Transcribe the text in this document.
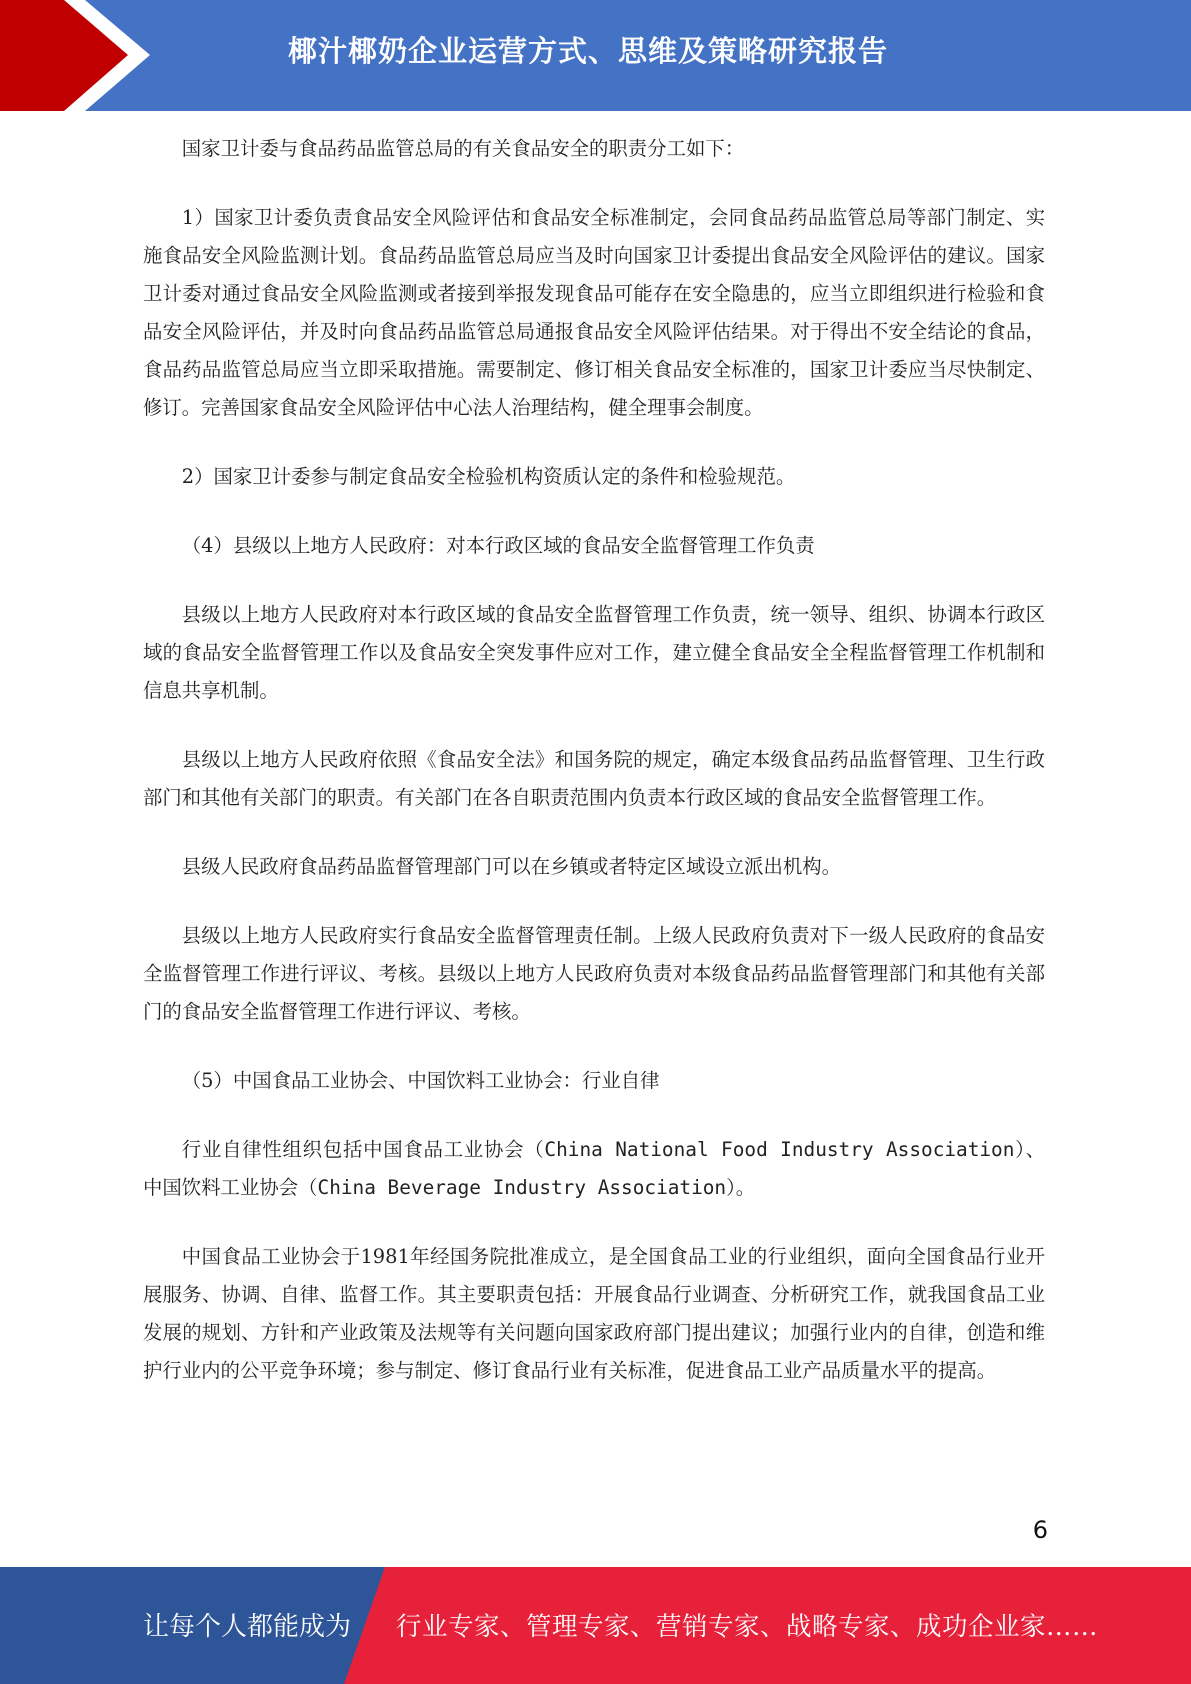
椰汁椰奶企业运营方式、思维及策略研究报告

国家卫计委与食品药品监管总局的有关食品安全的职责分工如下：

1）国家卫计委负责食品安全风险评估和食品安全标准制定，会同食品药品监管总局等部门制定、实施食品安全风险监测计划。食品药品监管总局应当及时向国家卫计委提出食品安全风险评估的建议。国家卫计委对通过食品安全风险监测或者接到举报发现食品可能存在安全隐患的，应当立即组织进行检验和食品安全风险评估，并及时向食品药品监管总局通报食品安全风险评估结果。对于得出不安全结论的食品，食品药品监管总局应当立即采取措施。需要制定、修订相关食品安全标准的，国家卫计委应当尽快制定、修订。完善国家食品安全风险评估中心法人治理结构，健全理事会制度。

2）国家卫计委参与制定食品安全检验机构资质认定的条件和检验规范。

（4）县级以上地方人民政府：对本行政区域的食品安全监督管理工作负责

县级以上地方人民政府对本行政区域的食品安全监督管理工作负责，统一领导、组织、协调本行政区域的食品安全监督管理工作以及食品安全突发事件应对工作，建立健全食品安全全程监督管理工作机制和信息共享机制。

县级以上地方人民政府依照《食品安全法》和国务院的规定，确定本级食品药品监督管理、卫生行政部门和其他有关部门的职责。有关部门在各自职责范围内负责本行政区域的食品安全监督管理工作。

县级人民政府食品药品监督管理部门可以在乡镇或者特定区域设立派出机构。

县级以上地方人民政府实行食品安全监督管理责任制。上级人民政府负责对下一级人民政府的食品安全监督管理工作进行评议、考核。县级以上地方人民政府负责对本级食品药品监督管理部门和其他有关部门的食品安全监督管理工作进行评议、考核。

（5）中国食品工业协会、中国饮料工业协会：行业自律

行业自律性组织包括中国食品工业协会（China National Food Industry Association）、中国饮料工业协会（China Beverage Industry Association）。

中国食品工业协会于1981年经国务院批准成立，是全国食品工业的行业组织，面向全国食品行业开展服务、协调、自律、监督工作。其主要职责包括：开展食品行业调查、分析研究工作，就我国食品工业发展的规划、方针和产业政策及法规等有关问题向国家政府部门提出建议；加强行业内的自律，创造和维护行业内的公平竞争环境；参与制定、修订食品行业有关标准，促进食品工业产品质量水平的提高。

6
让每个人都能成为 行业专家、管理专家、营销专家、战略专家、成功企业家……
